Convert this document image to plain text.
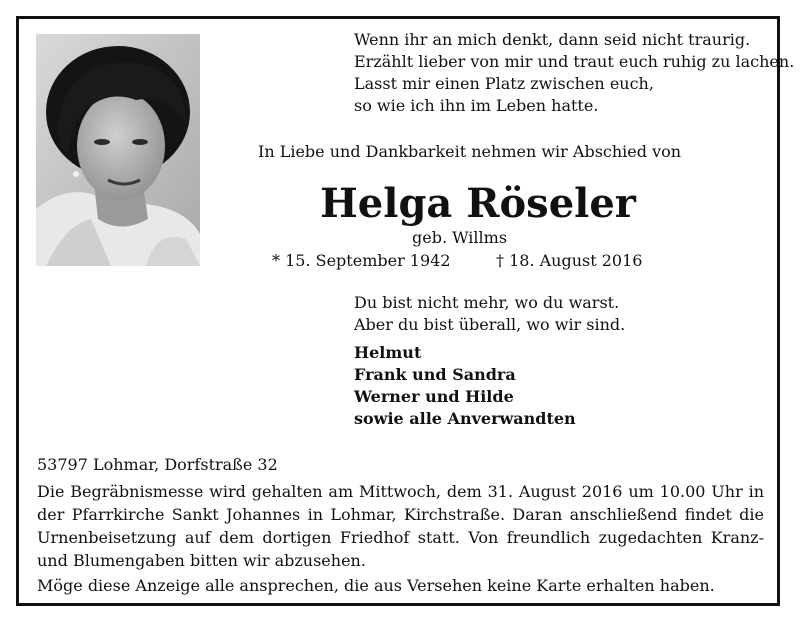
Wenn ihr an mich denkt, dann seid nicht traurig.
Erzählt lieber von mir und traut euch ruhig zu lachen.
Lasst mir einen Platz zwischen euch,
so wie ich ihn im Leben hatte.
In Liebe und Dankbarkeit nehmen wir Abschied von
Helga Röseler
geb. Willms
* 15. September 1942	† 18. August 2016
Du bist nicht mehr, wo du warst.
Aber du bist überall, wo wir sind.
Helmut
Frank und Sandra
Werner und Hilde
sowie alle Anverwandten
53797 Lohmar, Dorfstraße 32

Die Begräbnismesse wird gehalten am Mittwoch, dem 31. August 2016 um 10.00 Uhr in der Pfarrkirche Sankt Johannes in Lohmar, Kirchstraße. Daran anschließend findet die Urnenbeisetzung auf dem dortigen Friedhof statt. Von freundlich zugedachten Kranz- und Blumengaben bitten wir abzusehen.

Möge diese Anzeige alle ansprechen, die aus Versehen keine Karte erhalten haben.
